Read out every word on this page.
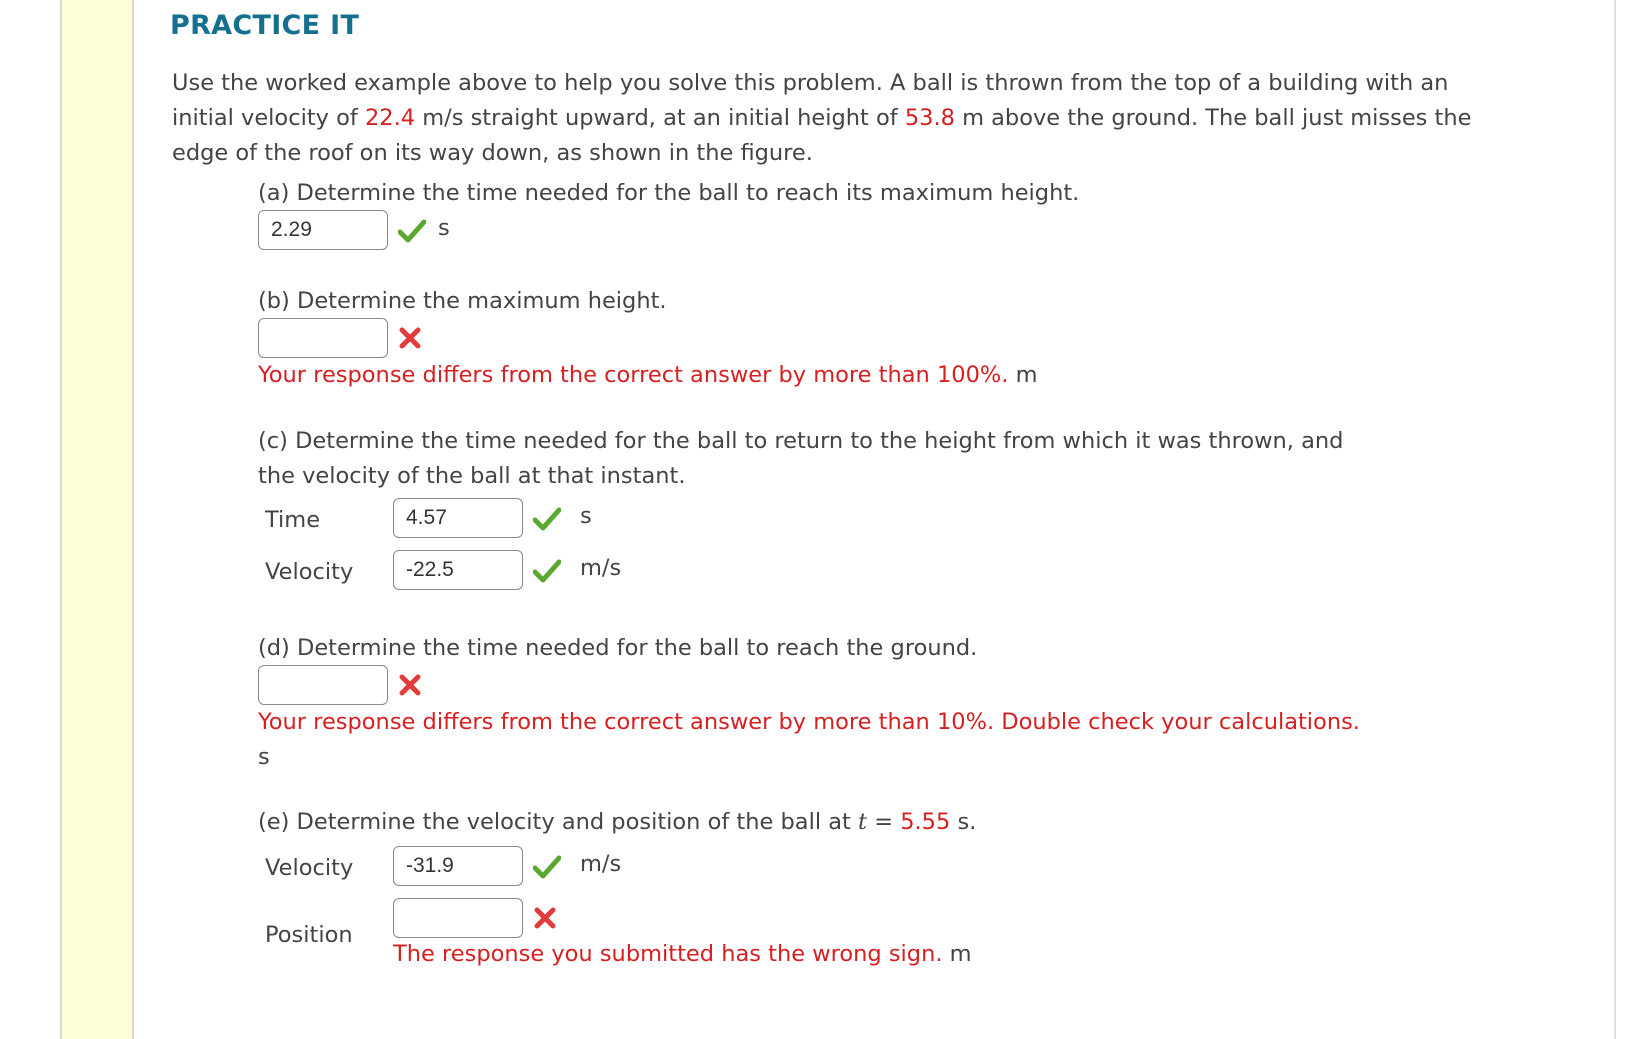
PRACTICE IT
Use the worked example above to help you solve this problem. A ball is thrown from the top of a building with an initial velocity of 22.4 m/s straight upward, at an initial height of 53.8 m above the ground. The ball just misses the edge of the roof on its way down, as shown in the figure.
(a) Determine the time needed for the ball to reach its maximum height.
2.29	s
(b) Determine the maximum height.
Your response differs from the correct answer by more than 100%. m
(c) Determine the time needed for the ball to return to the height from which it was thrown, and the velocity of the ball at that instant.
Time	4.57	s
Velocity	-22.5	m/s
(d) Determine the time needed for the ball to reach the ground.
Your response differs from the correct answer by more than 10%. Double check your calculations.
s
(e) Determine the velocity and position of the ball at t = 5.55 s.
Velocity	-31.9	m/s
Position
The response you submitted has the wrong sign. m
